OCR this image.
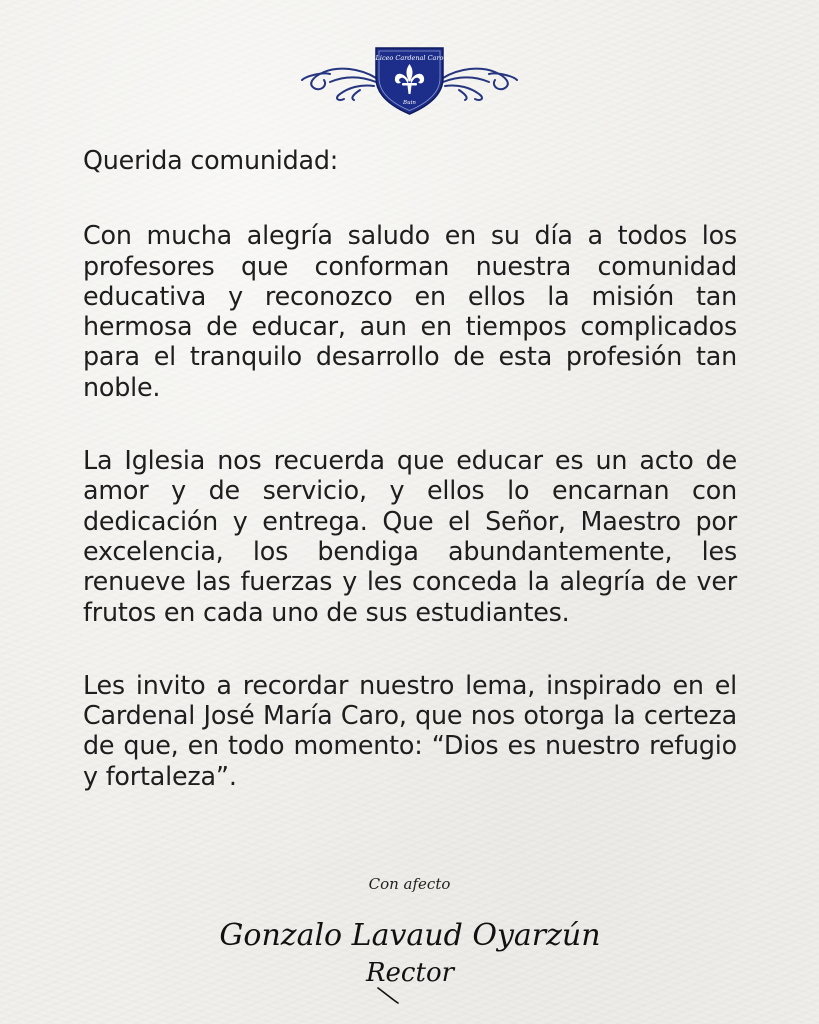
Liceo Cardenal Caro
Buin

Querida comunidad:

Con mucha alegría saludo en su día a todos los profesores que conforman nuestra comunidad educativa y reconozco en ellos la misión tan hermosa de educar, aun en tiempos complicados para el tranquilo desarrollo de esta profesión tan noble.

La Iglesia nos recuerda que educar es un acto de amor y de servicio, y ellos lo encarnan con dedicación y entrega. Que el Señor, Maestro por excelencia, los bendiga abundantemente, les renueve las fuerzas y les conceda la alegría de ver frutos en cada uno de sus estudiantes.

Les invito a recordar nuestro lema, inspirado en el Cardenal José María Caro, que nos otorga la certeza de que, en todo momento: “Dios es nuestro refugio y fortaleza”.

Con afecto
Gonzalo Lavaud Oyarzún
Rector
